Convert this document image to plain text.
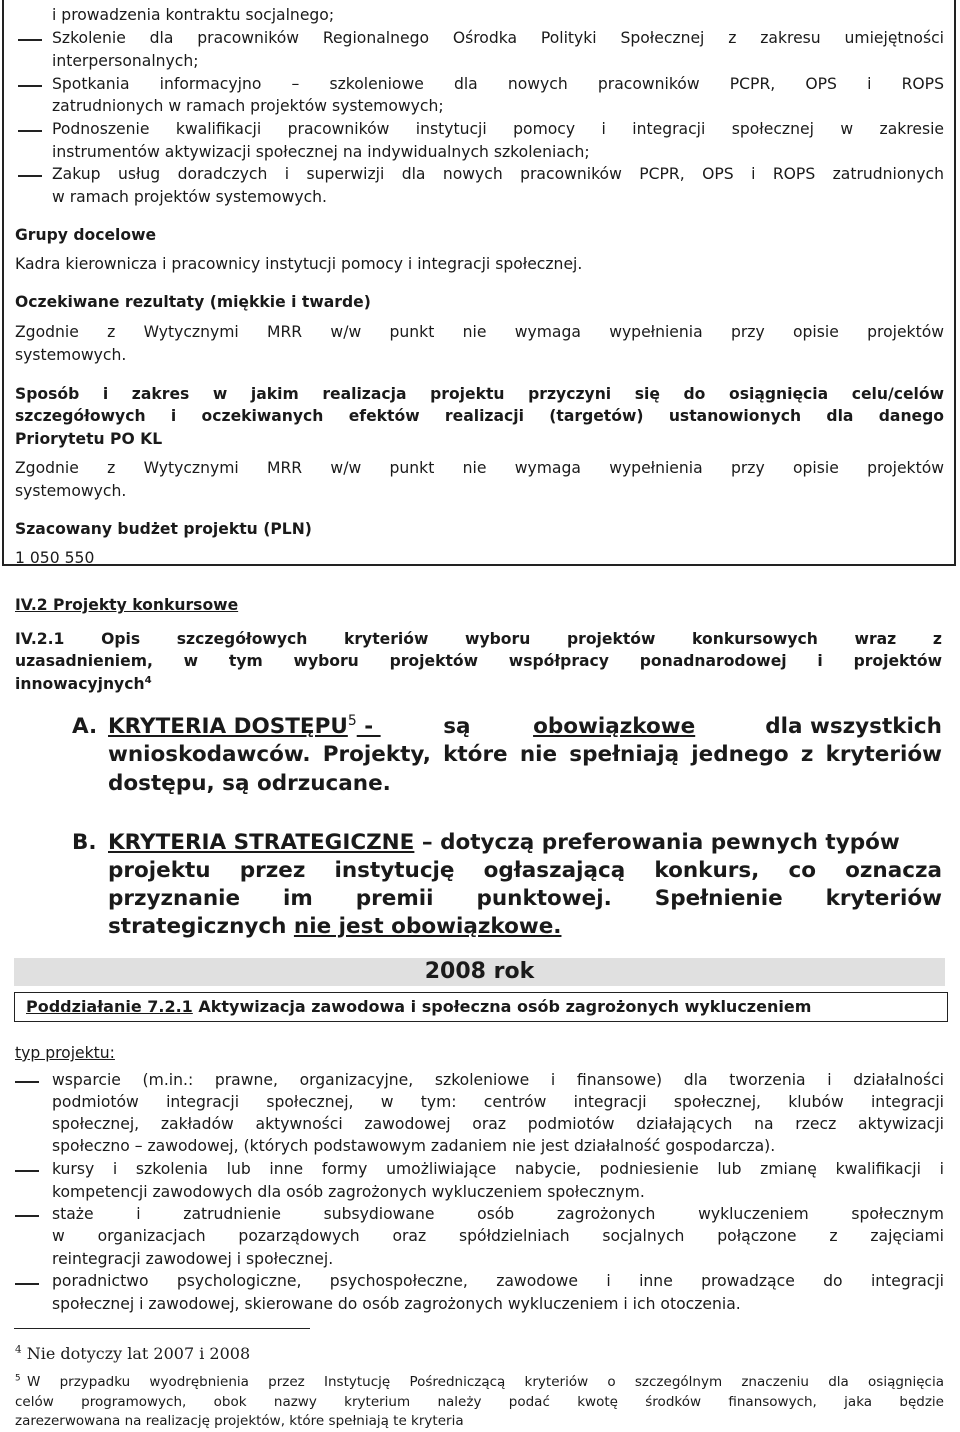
i prowadzenia kontraktu socjalnego;

Szkolenie dla pracowników Regionalnego Ośrodka Polityki Społecznej z zakresu umiejętności

interpersonalnych;

Spotkania informacyjno – szkoleniowe dla nowych pracowników PCPR, OPS i ROPS

zatrudnionych w ramach projektów systemowych;

Podnoszenie kwalifikacji pracowników instytucji pomocy i integracji społecznej w zakresie

instrumentów aktywizacji społecznej na indywidualnych szkoleniach;

Zakup usług doradczych i superwizji dla nowych pracowników PCPR, OPS i ROPS zatrudnionych

w ramach projektów systemowych.

Grupy docelowe

Kadra kierownicza i pracownicy instytucji pomocy i integracji społecznej.

Oczekiwane rezultaty (miękkie i twarde)

Zgodnie z Wytycznymi MRR w/w punkt nie wymaga wypełnienia przy opisie projektów

systemowych.

Sposób i zakres w jakim realizacja projektu przyczyni się do osiągnięcia celu/celów

szczegółowych i oczekiwanych efektów realizacji (targetów) ustanowionych dla danego

Priorytetu PO KL

Zgodnie z Wytycznymi MRR w/w punkt nie wymaga wypełnienia przy opisie projektów

systemowych.

Szacowany budżet projektu (PLN)

1 050 550

IV.2 Projekty konkursowe

IV.2.1 Opis szczegółowych kryteriów wyboru projektów konkursowych wraz z

uzasadnieniem, w tym wyboru projektów współpracy ponadnarodowej i projektów

innowacyjnych$^4$

A. KRYTERIA DOSTĘPU$^5$ -	są	obowiązkowe	dla wszystkich

wnioskodawców. Projekty, które nie spełniają jednego z kryteriów

dostępu, są odrzucane.

B. KRYTERIA STRATEGICZNE – dotyczą preferowania pewnych typów

projektu przez instytucję ogłaszającą konkurs, co oznacza

przyznanie im premii punktowej. Spełnienie kryteriów

strategicznych nie jest obowiązkowe.

2008 rok

Poddziałanie 7.2.1 Aktywizacja zawodowa i społeczna osób zagrożonych wykluczeniem

typ projektu:

wsparcie (m.in.: prawne, organizacyjne, szkoleniowe i finansowe) dla tworzenia i działalności

podmiotów integracji społecznej, w tym: centrów integracji społecznej, klubów integracji

społecznej, zakładów aktywności zawodowej oraz podmiotów działających na rzecz aktywizacji

społeczno – zawodowej, (których podstawowym zadaniem nie jest działalność gospodarcza).

kursy i szkolenia lub inne formy umożliwiające nabycie, podniesienie lub zmianę kwalifikacji i

kompetencji zawodowych dla osób zagrożonych wykluczeniem społecznym.

staże i zatrudnienie subsydiowane osób zagrożonych wykluczeniem społecznym

w organizacjach pozarządowych oraz spółdzielniach socjalnych połączone z zajęciami

reintegracji zawodowej i społecznej.

poradnictwo psychologiczne, psychospołeczne, zawodowe i inne prowadzące do integracji

społecznej i zawodowej, skierowane do osób zagrożonych wykluczeniem i ich otoczenia.

$^4$ Nie dotyczy lat 2007 i 2008

$^5$ W przypadku wyodrębnienia przez Instytucję Pośredniczącą kryteriów o szczególnym znaczeniu dla osiągnięcia

celów programowych, obok nazwy kryterium należy podać kwotę środków finansowych, jaka będzie

zarezerwowana na realizację projektów, które spełniają te kryteria
